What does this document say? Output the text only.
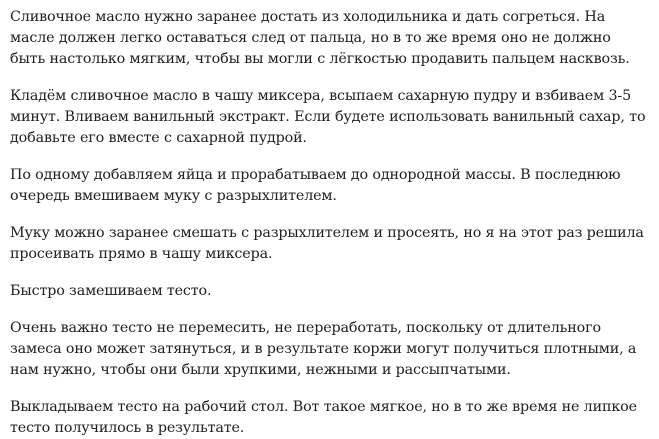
Сливочное масло нужно заранее достать из холодильника и дать согреться. На масле должен легко оставаться след от пальца, но в то же время оно не должно быть настолько мягким, чтобы вы могли с лёгкостью продавить пальцем насквозь.

Кладём сливочное масло в чашу миксера, всыпаем сахарную пудру и взбиваем 3-5 минут. Вливаем ванильный экстракт. Если будете использовать ванильный сахар, то добавьте его вместе с сахарной пудрой.

По одному добавляем яйца и прорабатываем до однородной массы. В последнюю очередь вмешиваем муку с разрыхлителем.

Муку можно заранее смешать с разрыхлителем и просеять, но я на этот раз решила просеивать прямо в чашу миксера.

Быстро замешиваем тесто.

Очень важно тесто не перемесить, не переработать, поскольку от длительного замеса оно может затянуться, и в результате коржи могут получиться плотными, а нам нужно, чтобы они были хрупкими, нежными и рассыпчатыми.

Выкладываем тесто на рабочий стол. Вот такое мягкое, но в то же время не липкое тесто получилось в результате.
